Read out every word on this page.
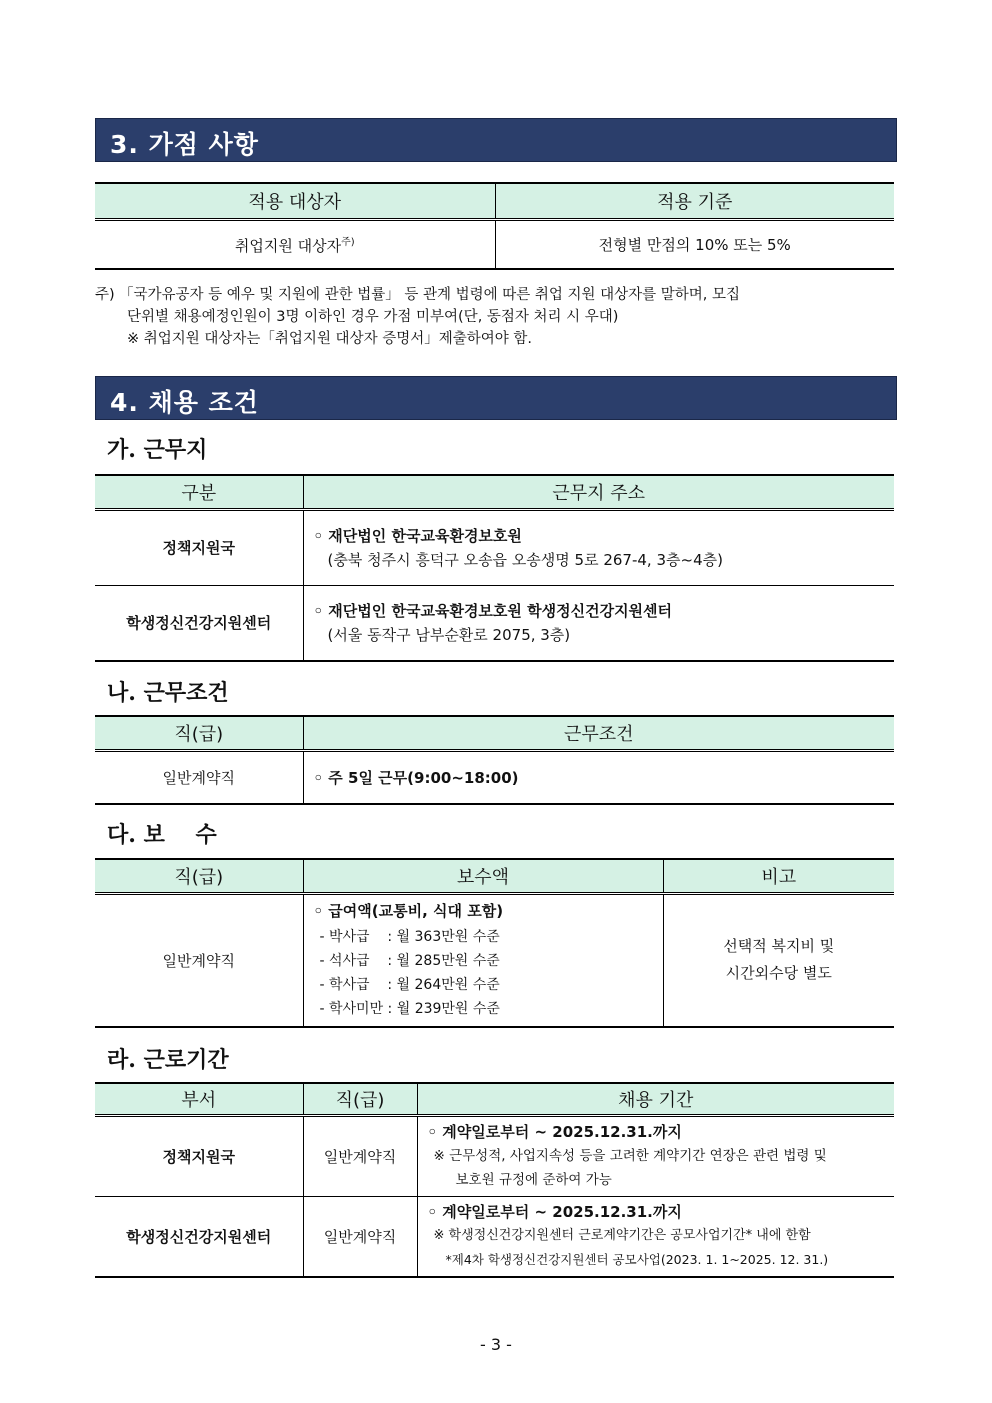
3. 가점 사항
적용 대상자	적용 기준
취업지원 대상자$^{주)}$	전형별 만점의 10% 또는 5%
주) 「국가유공자 등 예우 및 지원에 관한 법률」 등 관계 법령에 따른 취업 지원 대상자를 말하며, 모집
단위별 채용예정인원이 3명 이하인 경우 가점 미부여(단, 동점자 처리 시 우대)
※ 취업지원 대상자는「취업지원 대상자 증명서」제출하여야 함.
4. 채용 조건
가. 근무지
구분	근무지 주소
정책지원국	◦ 재단법인 한국교육환경보호원
(충북 청주시 흥덕구 오송읍 오송생명 5로 267-4, 3층~4층)

학생정신건강지원센터	◦ 재단법인 한국교육환경보호원 학생정신건강지원센터
(서울 동작구 남부순환로 2075, 3층)
나. 근무조건
직(급)	근무조건
일반계약직	◦ 주 5일 근무(9:00~18:00)
다. 보    수
직(급)	보수액	비고
일반계약직	◦ 급여액(교통비, 식대 포함)
- 박사급    : 월 363만원 수준
- 석사급    : 월 285만원 수준
- 학사급    : 월 264만원 수준
- 학사미만 : 월 239만원 수준	선택적 복지비 및
시간외수당 별도
라. 근로기간
부서	직(급)	채용 기간
정책지원국	일반계약직	◦ 계약일로부터 ~ 2025.12.31.까지
※ 근무성적, 사업지속성 등을 고려한 계약기간 연장은 관련 법령 및
보호원 규정에 준하여 가능

학생정신건강지원센터	일반계약직	◦ 계약일로부터 ~ 2025.12.31.까지
※ 학생정신건강지원센터 근로계약기간은 공모사업기간* 내에 한함
*제4차 학생정신건강지원센터 공모사업(2023. 1. 1~2025. 12. 31.)
- 3 -
